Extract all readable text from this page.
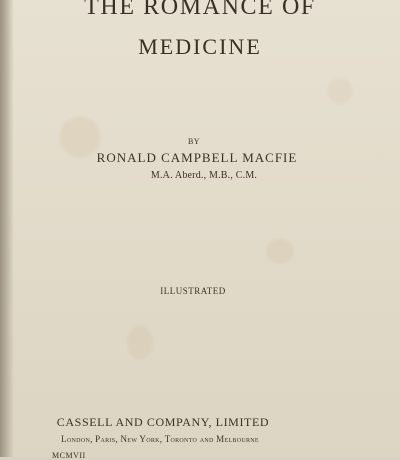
THE ROMANCE OF
MEDICINE
BY
RONALD CAMPBELL MACFIE
M.A. Aberd., M.B., C.M.
ILLUSTRATED
CASSELL AND COMPANY, LIMITED
London, Paris, New York, Toronto and Melbourne
MCMVII
